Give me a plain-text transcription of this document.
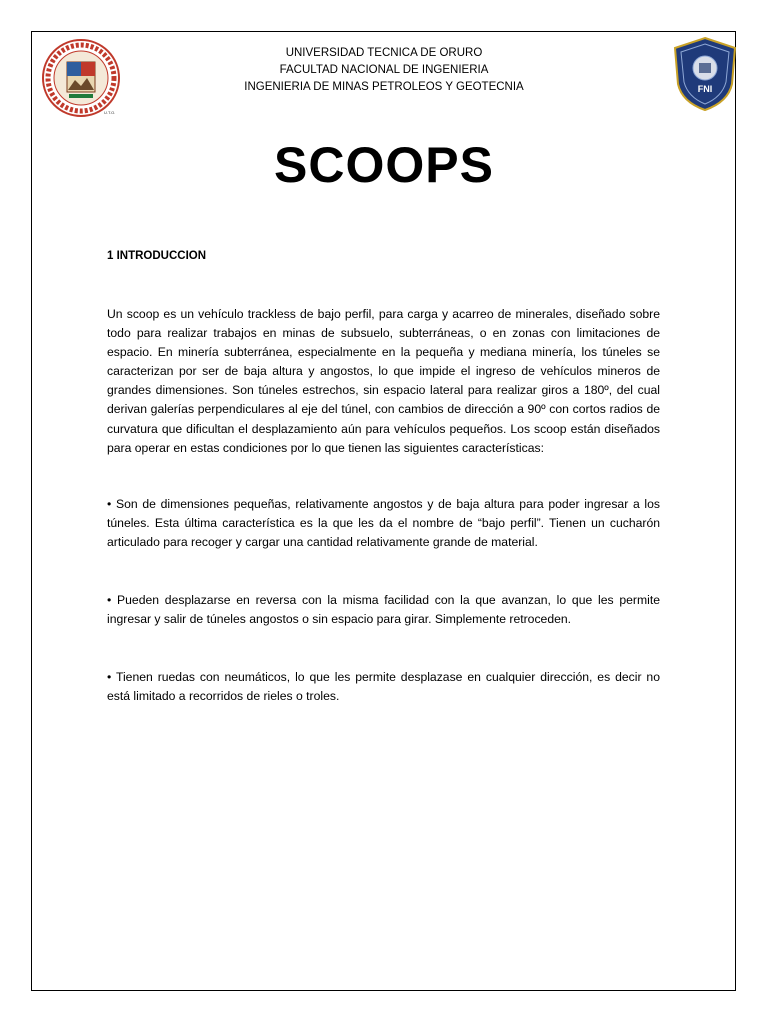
U.T.O.
FNI
UNIVERSIDAD TECNICA DE ORURO
FACULTAD NACIONAL DE INGENIERIA
INGENIERIA DE MINAS PETROLEOS Y GEOTECNIA
SCOOPS
1 INTRODUCCION

Un scoop es un vehículo trackless de bajo perfil, para carga y acarreo de minerales, diseñado sobre todo para realizar trabajos en minas de subsuelo, subterráneas, o en zonas con limitaciones de espacio. En minería subterránea, especialmente en la pequeña y mediana minería, los túneles se caracterizan por ser de baja altura y angostos, lo que impide el ingreso de vehículos mineros de grandes dimensiones. Son túneles estrechos, sin espacio lateral para realizar giros a 180º, del cual derivan galerías perpendiculares al eje del túnel, con cambios de dirección a 90º con cortos radios de curvatura que dificultan el desplazamiento aún para vehículos pequeños. Los scoop están diseñados para operar en estas condiciones por lo que tienen las siguientes características:

• Son de dimensiones pequeñas, relativamente angostos y de baja altura para poder ingresar a los túneles. Esta última característica es la que les da el nombre de “bajo perfil”. Tienen un cucharón articulado para recoger y cargar una cantidad relativamente grande de material.

• Pueden desplazarse en reversa con la misma facilidad con la que avanzan, lo que les permite ingresar y salir de túneles angostos o sin espacio para girar. Simplemente retroceden.

• Tienen ruedas con neumáticos, lo que les permite desplazase en cualquier dirección, es decir no está limitado a recorridos de rieles o troles.
